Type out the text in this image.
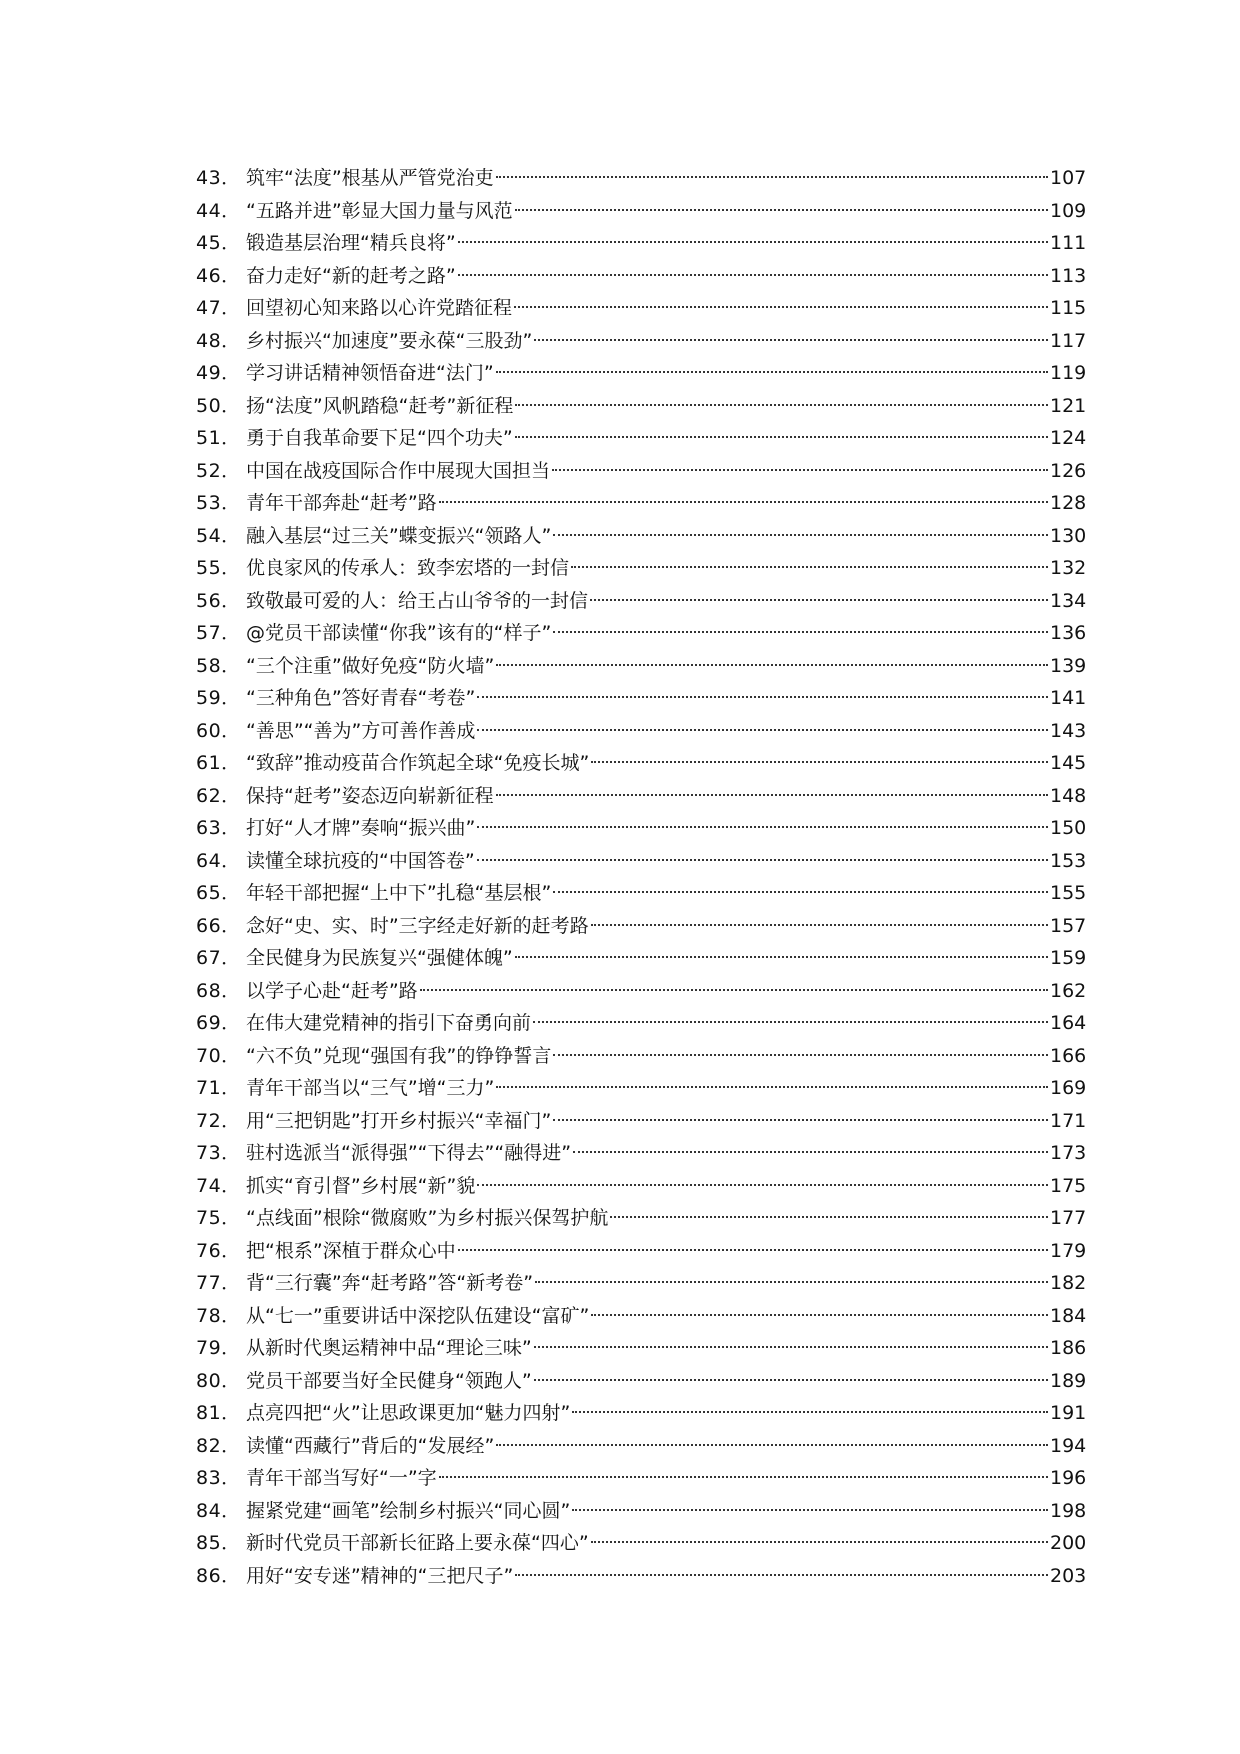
43． 筑牢“法度”根基从严管党治吏	107
44． “五路并进”彰显大国力量与风范	109
45． 锻造基层治理“精兵良将”	111
46． 奋力走好“新的赶考之路”	113
47． 回望初心知来路以心许党踏征程	115
48． 乡村振兴“加速度”要永葆“三股劲”	117
49． 学习讲话精神领悟奋进“法门”	119
50． 扬“法度”风帆踏稳“赶考”新征程	121
51． 勇于自我革命要下足“四个功夫”	124
52． 中国在战疫国际合作中展现大国担当	126
53． 青年干部奔赴“赶考”路	128
54． 融入基层“过三关”蝶变振兴“领路人”	130
55． 优良家风的传承人：致李宏塔的一封信	132
56． 致敬最可爱的人：给王占山爷爷的一封信	134
57． @党员干部读懂“你我”该有的“样子”	136
58． “三个注重”做好免疫“防火墙”	139
59． “三种角色”答好青春“考卷”	141
60． “善思”“善为”方可善作善成	143
61． “致辞”推动疫苗合作筑起全球“免疫长城”	145
62． 保持“赶考”姿态迈向崭新征程	148
63． 打好“人才牌”奏响“振兴曲”	150
64． 读懂全球抗疫的“中国答卷”	153
65． 年轻干部把握“上中下”扎稳“基层根”	155
66． 念好“史、实、时”三字经走好新的赶考路	157
67． 全民健身为民族复兴“强健体魄”	159
68． 以学子心赴“赶考”路	162
69． 在伟大建党精神的指引下奋勇向前	164
70． “六不负”兑现“强国有我”的铮铮誓言	166
71． 青年干部当以“三气”增“三力”	169
72． 用“三把钥匙”打开乡村振兴“幸福门”	171
73． 驻村选派当“派得强”“下得去”“融得进”	173
74． 抓实“育引督”乡村展“新”貌	175
75． “点线面”根除“微腐败”为乡村振兴保驾护航	177
76． 把“根系”深植于群众心中	179
77． 背“三行囊”奔“赶考路”答“新考卷”	182
78． 从“七一”重要讲话中深挖队伍建设“富矿”	184
79． 从新时代奥运精神中品“理论三味”	186
80． 党员干部要当好全民健身“领跑人”	189
81． 点亮四把“火”让思政课更加“魅力四射”	191
82． 读懂“西藏行”背后的“发展经”	194
83． 青年干部当写好“一”字	196
84． 握紧党建“画笔”绘制乡村振兴“同心圆”	198
85． 新时代党员干部新长征路上要永葆“四心”	200
86． 用好“安专迷”精神的“三把尺子”	203
